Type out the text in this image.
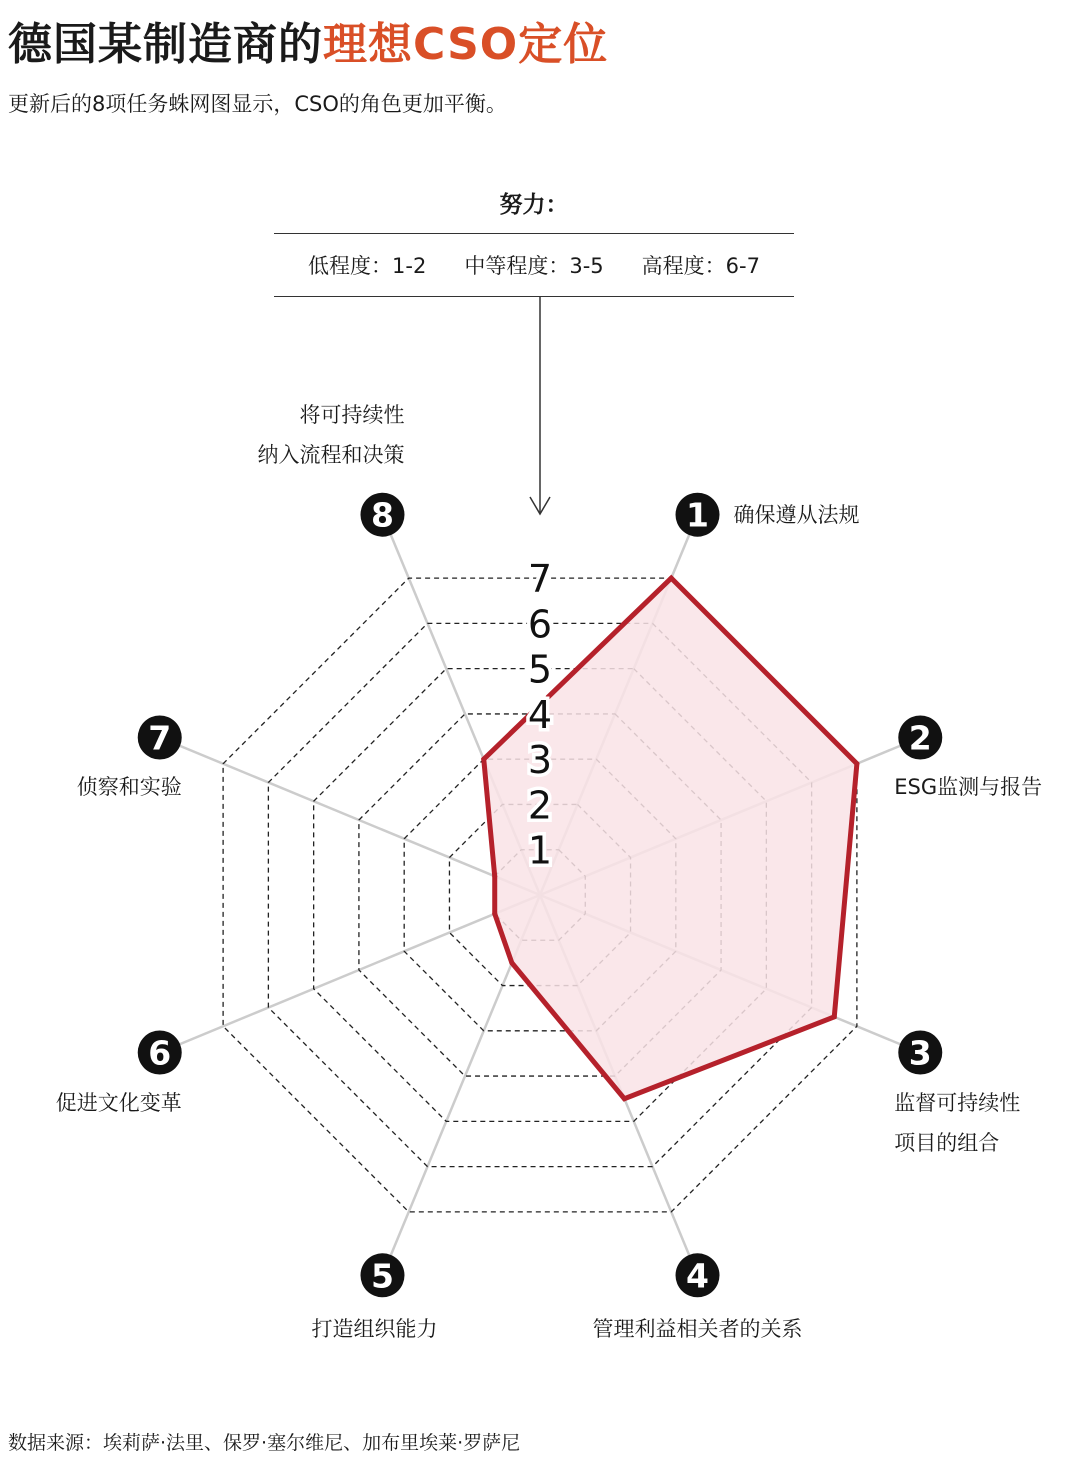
德国某制造商的理想CSO定位
更新后的8项任务蛛网图显示，CSO的角色更加平衡。
努力：
低程度：1-2 中等程度：3-5 高程度：6-7
1
2
3
4
5
6
7
1
2
3
4
5
6
7
8	确保遵从法规
ESG监测与报告
监督可持续性
项目的组合
管理利益相关者的关系
打造组织能力
促进文化变革
侦察和实验
将可持续性
纳入流程和决策
数据来源：埃莉萨·法里、保罗·塞尔维尼、加布里埃莱·罗萨尼
